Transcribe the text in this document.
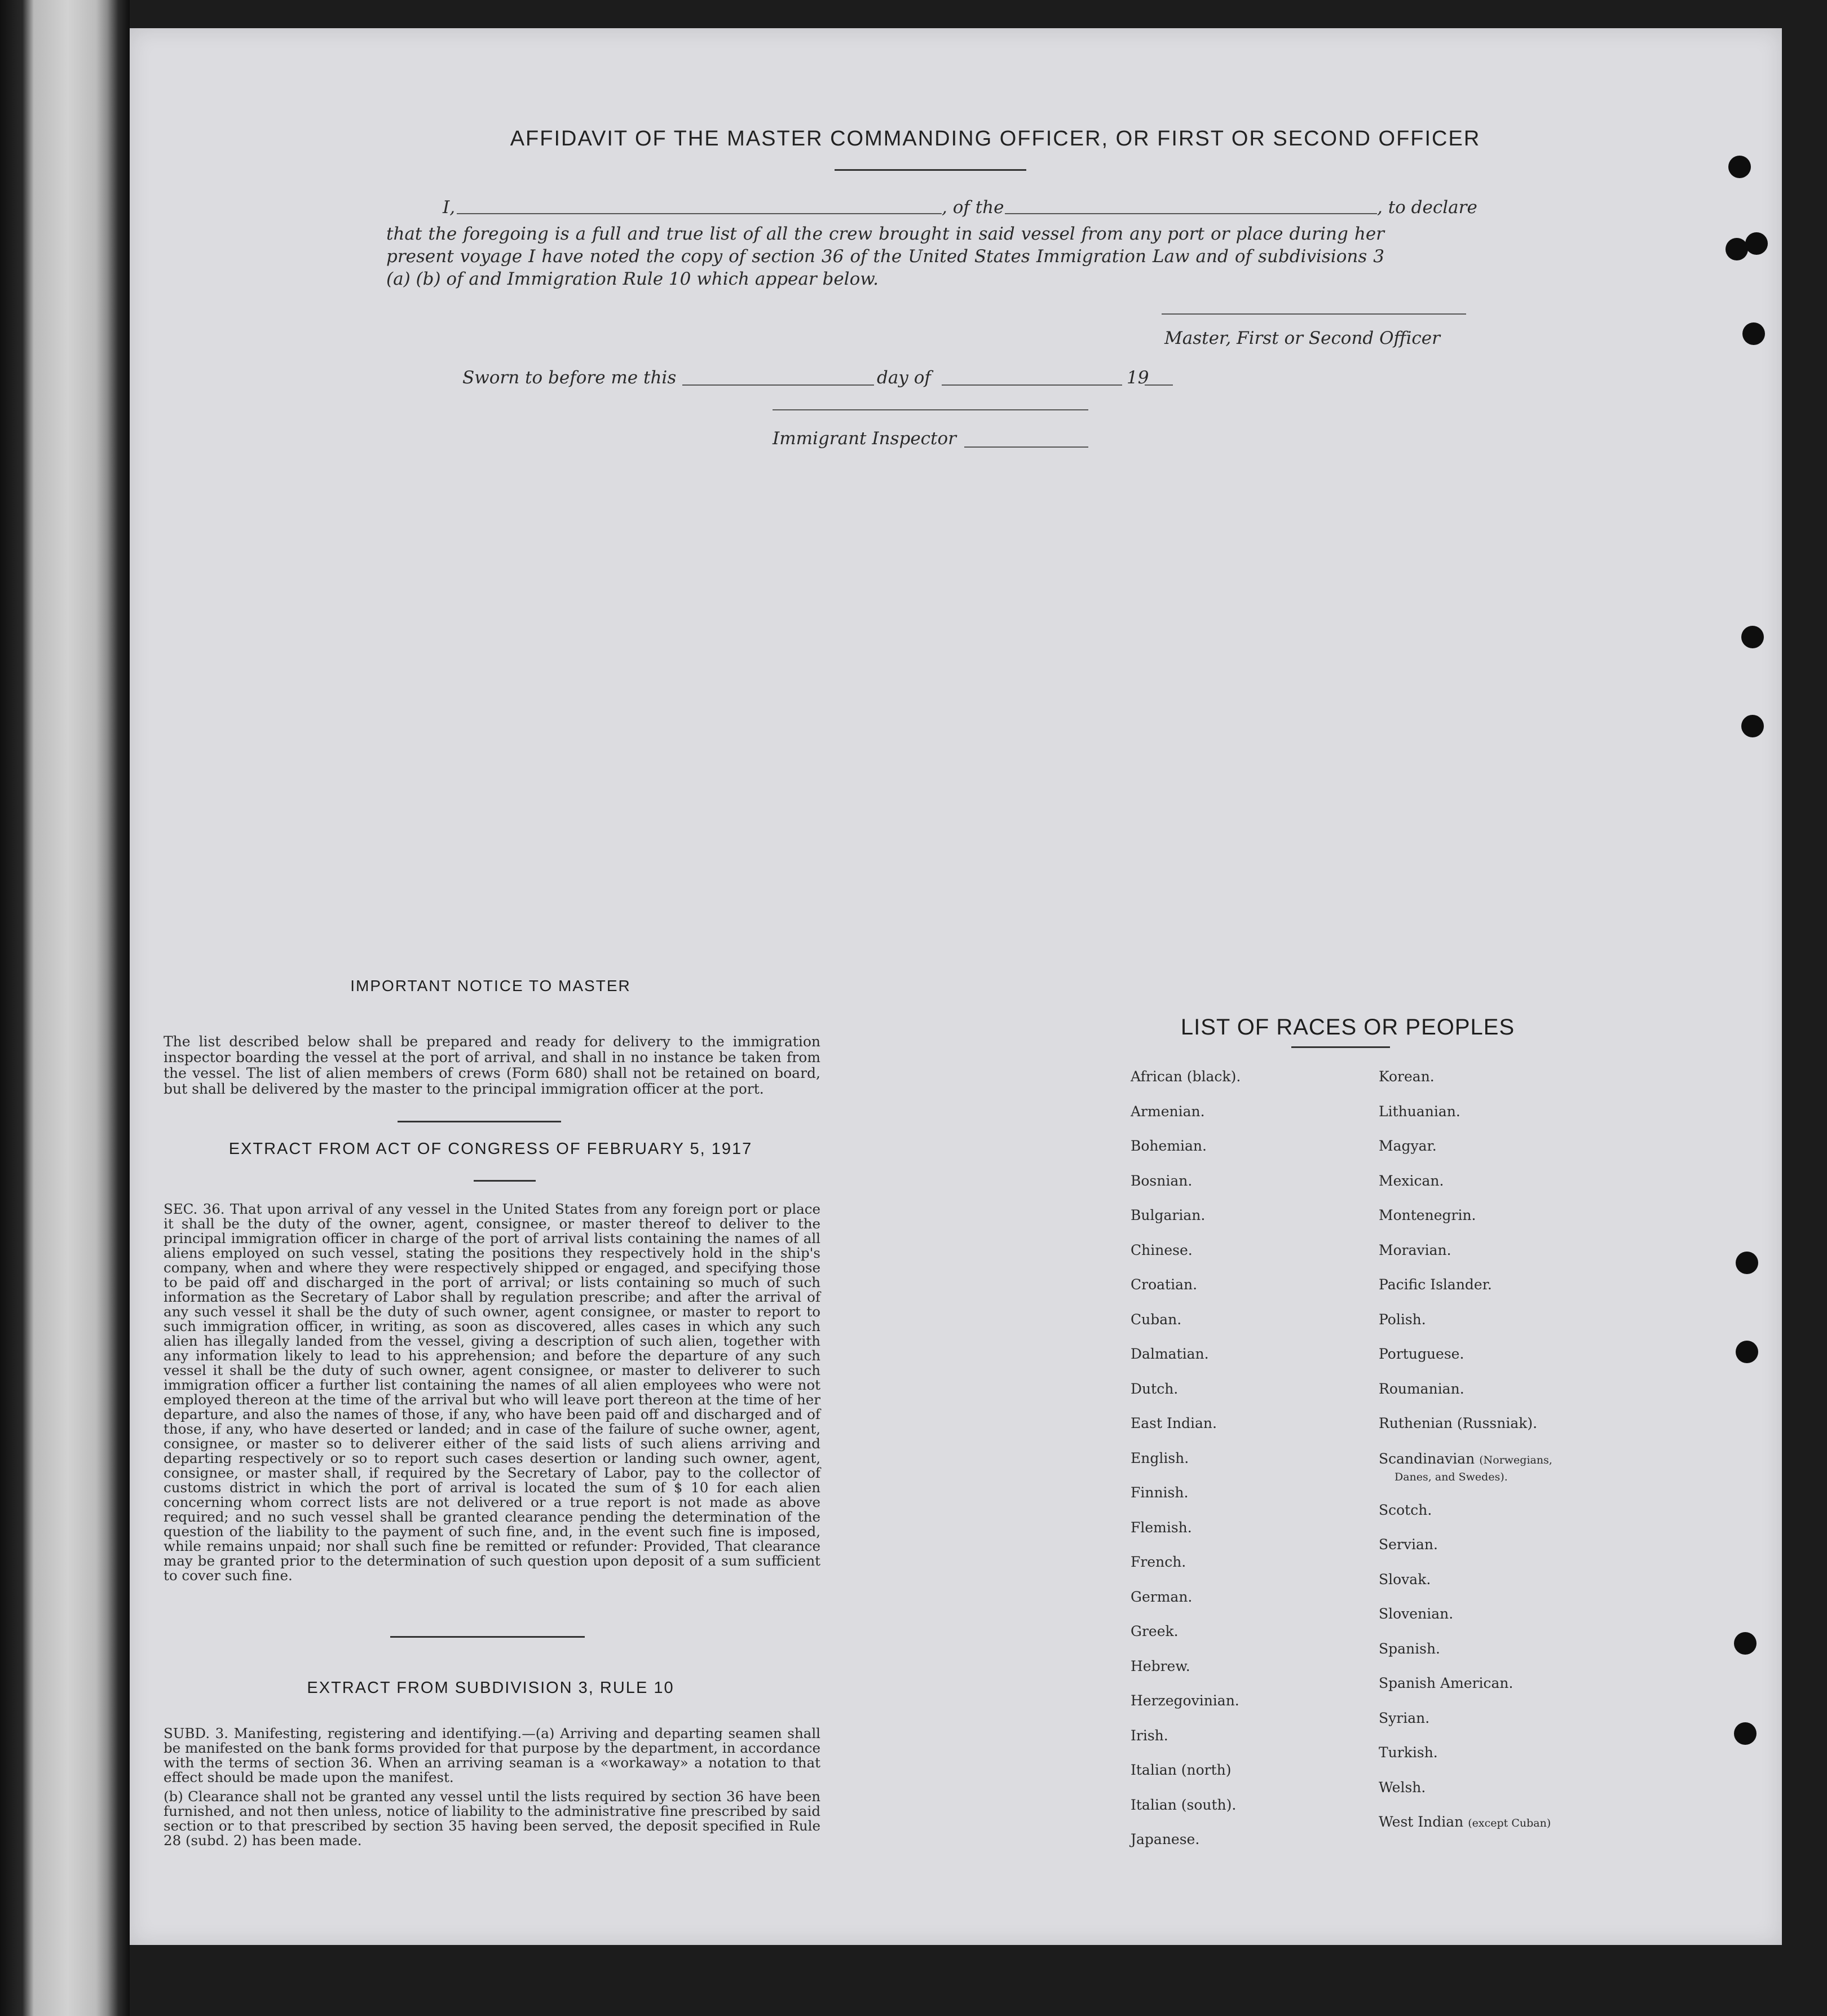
AFFIDAVIT OF THE MASTER COMMANDING OFFICER, OR FIRST OR SECOND OFFICER
I,	, of the	, to declare
that the foregoing is a full and true list of all the crew brought in said vessel from any port or place during her present voyage I have noted the copy of section 36 of the United States Immigration Law and of subdivisions 3 (a) (b) of and Immigration Rule 10 which appear below.
Master, First or Second Officer
Sworn to before me this	day of	19
Immigrant Inspector
IMPORTANT NOTICE TO MASTER
The list described below shall be prepared and ready for delivery to the immigration inspector boarding the vessel at the port of arrival, and shall in no instance be taken from the vessel. The list of alien members of crews (Form 680) shall not be retained on board, but shall be delivered by the master to the principal immigration officer at the port.
EXTRACT FROM ACT OF CONGRESS OF FEBRUARY 5, 1917
SEC. 36. That upon arrival of any vessel in the United States from any foreign port or place it shall be the duty of the owner, agent, consignee, or master thereof to deliver to the principal immigration officer in charge of the port of arrival lists containing the names of all aliens employed on such vessel, stating the positions they respectively hold in the ship's company, when and where they were respectively shipped or engaged, and specifying those to be paid off and discharged in the port of arrival; or lists containing so much of such information as the Secretary of Labor shall by regulation prescribe; and after the arrival of any such vessel it shall be the duty of such owner, agent consignee, or master to report to such immigration officer, in writing, as soon as discovered, alles cases in which any such alien has illegally landed from the vessel, giving a description of such alien, together with any information likely to lead to his apprehension; and before the departure of any such vessel it shall be the duty of such owner, agent consignee, or master to deliverer to such immigration officer a further list containing the names of all alien employees who were not employed thereon at the time of the arrival but who will leave port thereon at the time of her departure, and also the names of those, if any, who have been paid off and discharged and of those, if any, who have deserted or landed; and in case of the failure of suche owner, agent, consignee, or master so to deliverer either of the said lists of such aliens arriving and departing respectively or so to report such cases desertion or landing such owner, agent, consignee, or master shall, if required by the Secretary of Labor, pay to the collector of customs district in which the port of arrival is located the sum of $ 10 for each alien concerning whom correct lists are not delivered or a true report is not made as above required; and no such vessel shall be granted clearance pending the determination of the question of the liability to the payment of such fine, and, in the event such fine is imposed, while remains unpaid; nor shall such fine be remitted or refunder: Provided, That clearance may be granted prior to the determination of such question upon deposit of a sum sufficient to cover such fine.
EXTRACT FROM SUBDIVISION 3, RULE 10
SUBD. 3. Manifesting, registering and identifying.—(a) Arriving and departing seamen shall be manifested on the bank forms provided for that purpose by the department, in accordance with the terms of section 36. When an arriving seaman is a «workaway» a notation to that effect should be made upon the manifest.
(b) Clearance shall not be granted any vessel until the lists required by section 36 have been furnished, and not then unless, notice of liability to the administrative fine prescribed by said section or to that prescribed by section 35 having been served, the deposit specified in Rule 28 (subd. 2) has been made.
LIST OF RACES OR PEOPLES
African (black).
Armenian.
Bohemian.
Bosnian.
Bulgarian.
Chinese.
Croatian.
Cuban.
Dalmatian.
Dutch.
East Indian.
English.
Finnish.
Flemish.
French.
German.
Greek.
Hebrew.
Herzegovinian.
Irish.
Italian (north)
Italian (south).
Japanese.
Korean.
Lithuanian.
Magyar.
Mexican.
Montenegrin.
Moravian.
Pacific Islander.
Polish.
Portuguese.
Roumanian.
Ruthenian (Russniak).
Scandinavian (Norwegians,
Danes, and Swedes).
Scotch.
Servian.
Slovak.
Slovenian.
Spanish.
Spanish American.
Syrian.
Turkish.
Welsh.
West Indian (except Cuban)
